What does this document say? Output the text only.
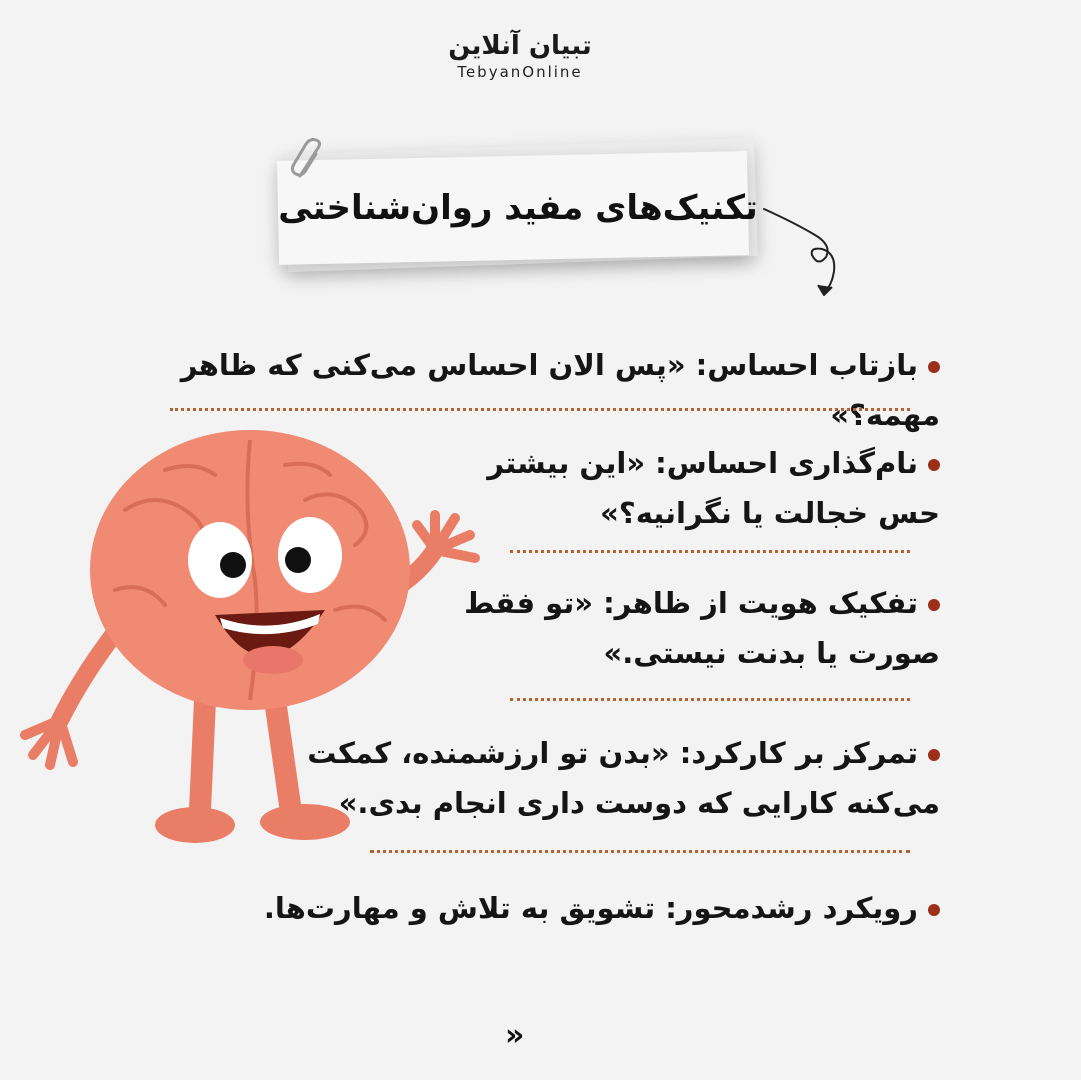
تبیان آنلاین
TebyanOnline
تکنیک‌های مفید روان‌شناختی
بازتاب احساس: «پس الان احساس می‌کنی که ظاهر مهمه؟»
نام‌گذاری احساس: «این بیشتر
حس خجالت یا نگرانیه؟»
تفکیک هویت از ظاهر: «تو فقط
صورت یا بدنت نیستی.»
تمرکز بر کارکرد: «بدن تو ارزشمنده، کمکت
می‌کنه کارایی که دوست داری انجام بدی.»
رویکرد رشدمحور: تشویق به تلاش و مهارت‌ها.
»
